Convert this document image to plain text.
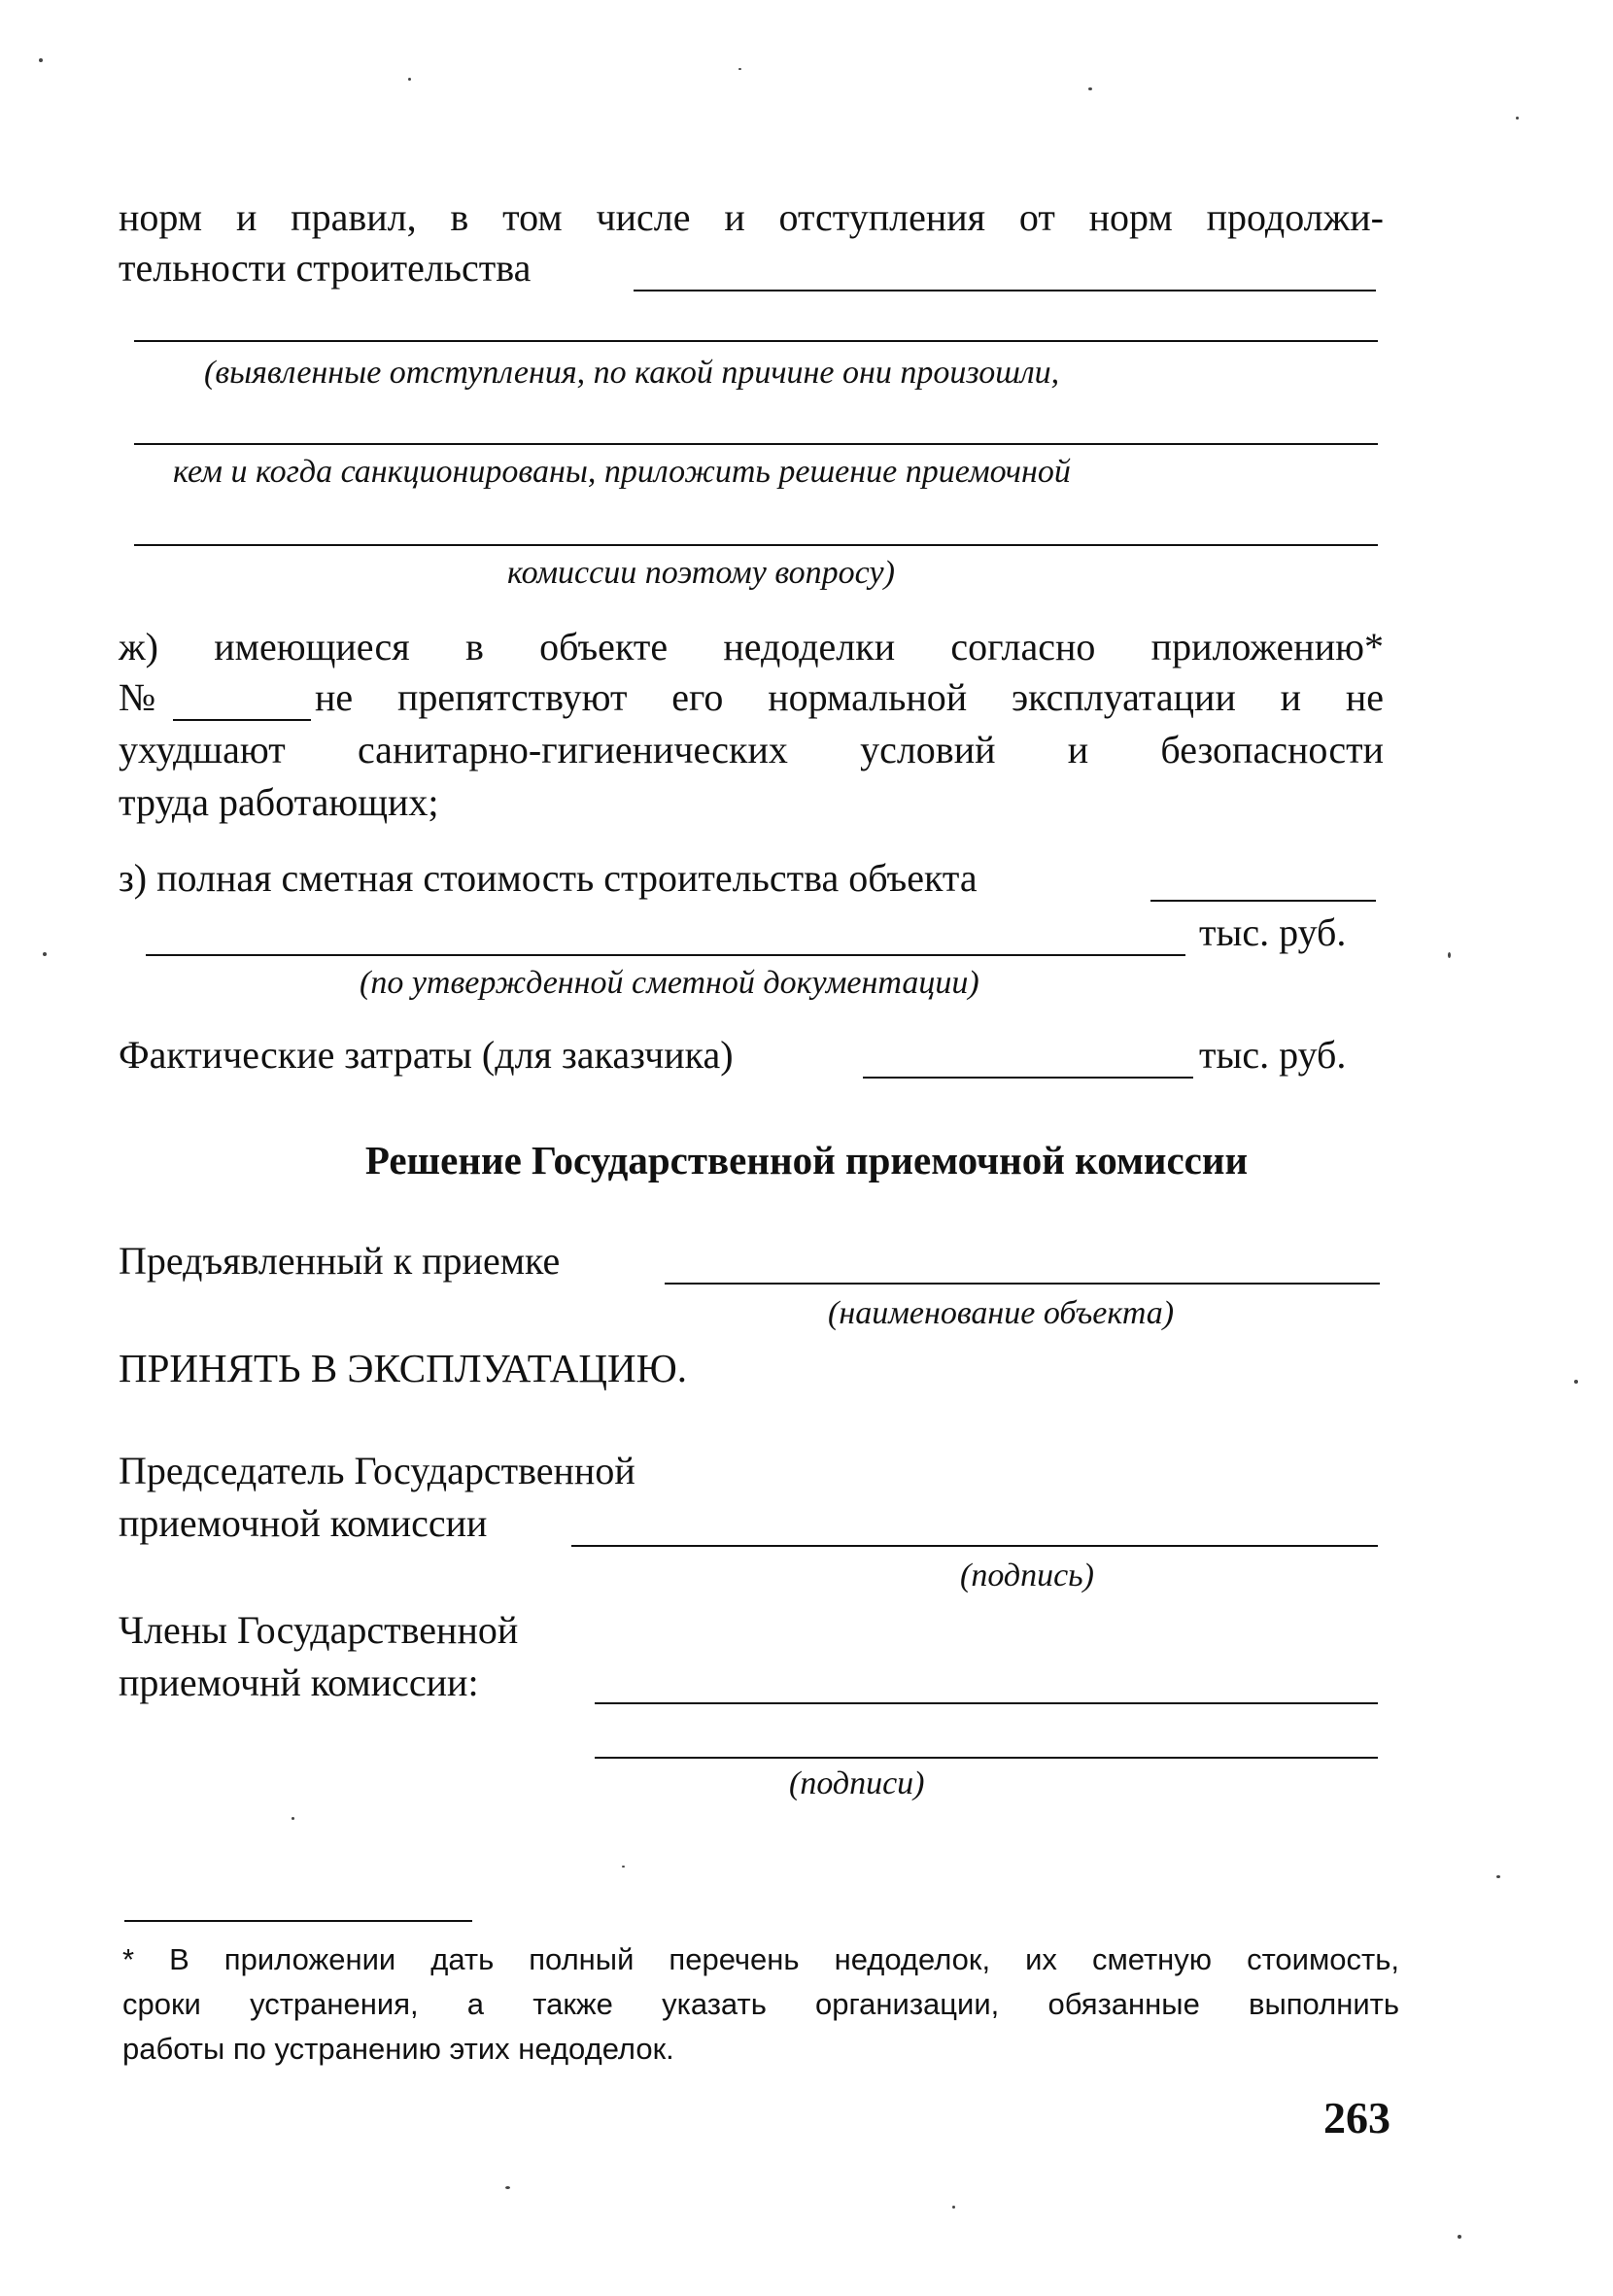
норм и правил, в том числе и отступления от норм продолжи-
тельности строительства
(выявленные отступления, по какой причине они произошли,
кем и когда санкционированы, приложить решение приемочной
комиссии поэтому вопросу)
ж) имеющиеся в объекте недоделки согласно приложению*
№	не препятствуют его нормальной эксплуатации и не
ухудшают санитарно-гигиенических условий и безопасности
труда работающих;
з) полная сметная стоимость строительства объекта
тыс. руб.
(по утвержденной сметной документации)
Фактические затраты (для заказчика)	тыс. руб.
Решение Государственной приемочной комиссии
Предъявленный к приемке
(наименование объекта)
ПРИНЯТЬ В ЭКСПЛУАТАЦИЮ.
Председатель Государственной
приемочной комиссии
(подпись)
Члены Государственной
приемочнй комиссии:
(подписи)
* В приложении дать полный перечень недоделок, их сметную стоимость,
сроки устранения, а также указать организации, обязанные выполнить
работы по устранению этих недоделок.
263
